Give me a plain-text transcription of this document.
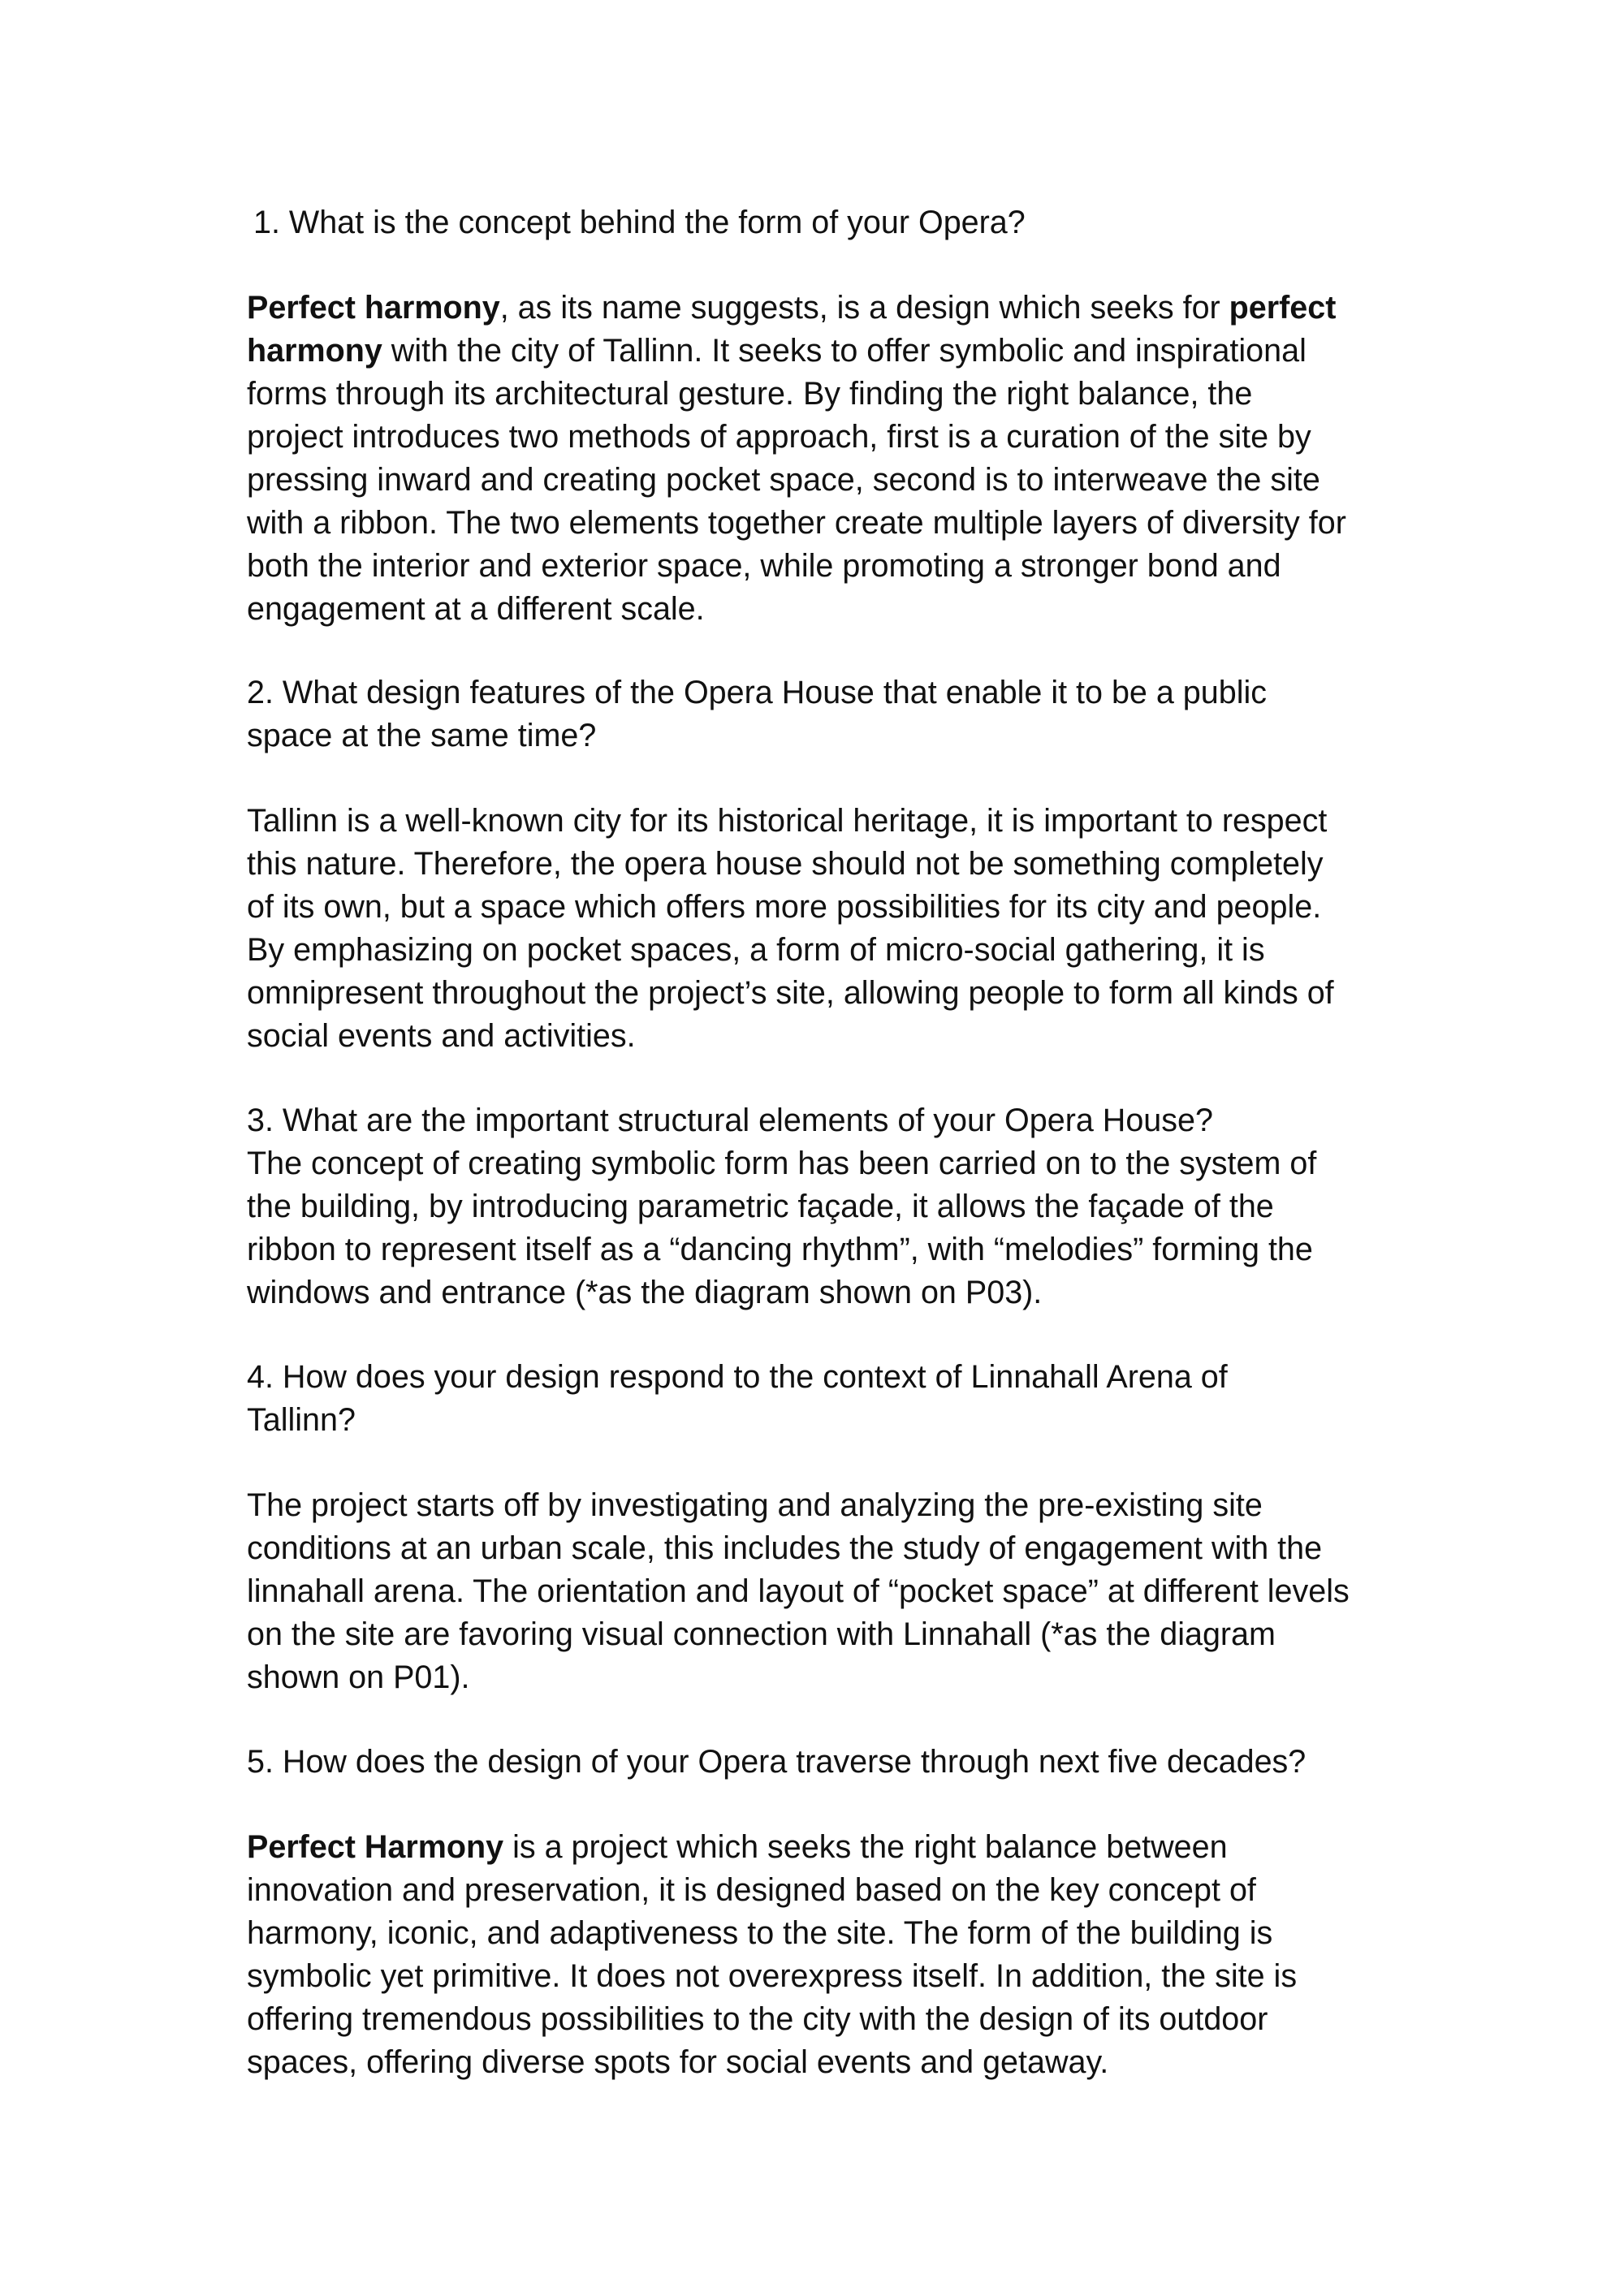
1. What is the concept behind the form of your Opera?
Perfect harmony, as its name suggests, is a design which seeks for perfect
harmony with the city of Tallinn. It seeks to offer symbolic and inspirational
forms through its architectural gesture. By finding the right balance, the
project introduces two methods of approach, first is a curation of the site by
pressing inward and creating pocket space, second is to interweave the site
with a ribbon. The two elements together create multiple layers of diversity for
both the interior and exterior space, while promoting a stronger bond and
engagement at a different scale.
2. What design features of the Opera House that enable it to be a public
space at the same time?
Tallinn is a well-known city for its historical heritage, it is important to respect
this nature. Therefore, the opera house should not be something completely
of its own, but a space which offers more possibilities for its city and people.
By emphasizing on pocket spaces, a form of micro-social gathering, it is
omnipresent throughout the project’s site, allowing people to form all kinds of
social events and activities.
3. What are the important structural elements of your Opera House?
The concept of creating symbolic form has been carried on to the system of
the building, by introducing parametric façade, it allows the façade of the
ribbon to represent itself as a “dancing rhythm”, with “melodies” forming the
windows and entrance (*as the diagram shown on P03).
4. How does your design respond to the context of Linnahall Arena of
Tallinn?
The project starts off by investigating and analyzing the pre-existing site
conditions at an urban scale, this includes the study of engagement with the
linnahall arena. The orientation and layout of “pocket space” at different levels
on the site are favoring visual connection with Linnahall (*as the diagram
shown on P01).
5. How does the design of your Opera traverse through next five decades?
Perfect Harmony is a project which seeks the right balance between
innovation and preservation, it is designed based on the key concept of
harmony, iconic, and adaptiveness to the site. The form of the building is
symbolic yet primitive. It does not overexpress itself. In addition, the site is
offering tremendous possibilities to the city with the design of its outdoor
spaces, offering diverse spots for social events and getaway.
